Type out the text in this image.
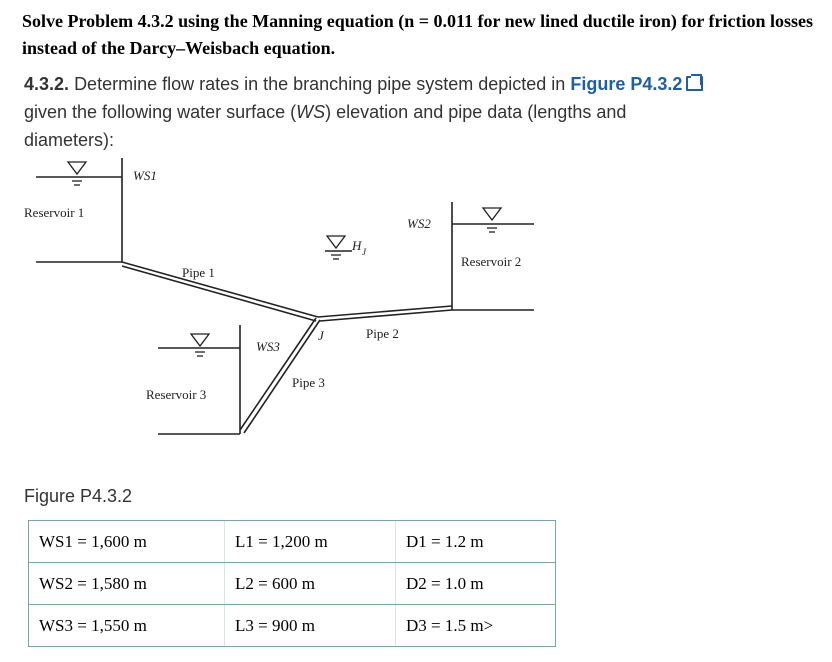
Solve Problem 4.3.2 using the Manning equation (n = 0.011 for new lined ductile iron) for friction losses instead of the Darcy–Weisbach equation.

4.3.2. Determine flow rates in the branching pipe system depicted in Figure P4.3.2given the following water surface (WS) elevation and pipe data (lengths and diameters):

WS1
WS2
WS3
H J
J
Reservoir 1
Reservoir 2
Reservoir 3
Pipe 1
Pipe 2
Pipe 3
Figure P4.3.2
WS1 = 1,600 m	L1 = 1,200 m	D1 = 1.2 m
WS2 = 1,580 m	L2 = 600 m	D2 = 1.0 m
WS3 = 1,550 m	L3 = 900 m	D3 = 1.5 m>
